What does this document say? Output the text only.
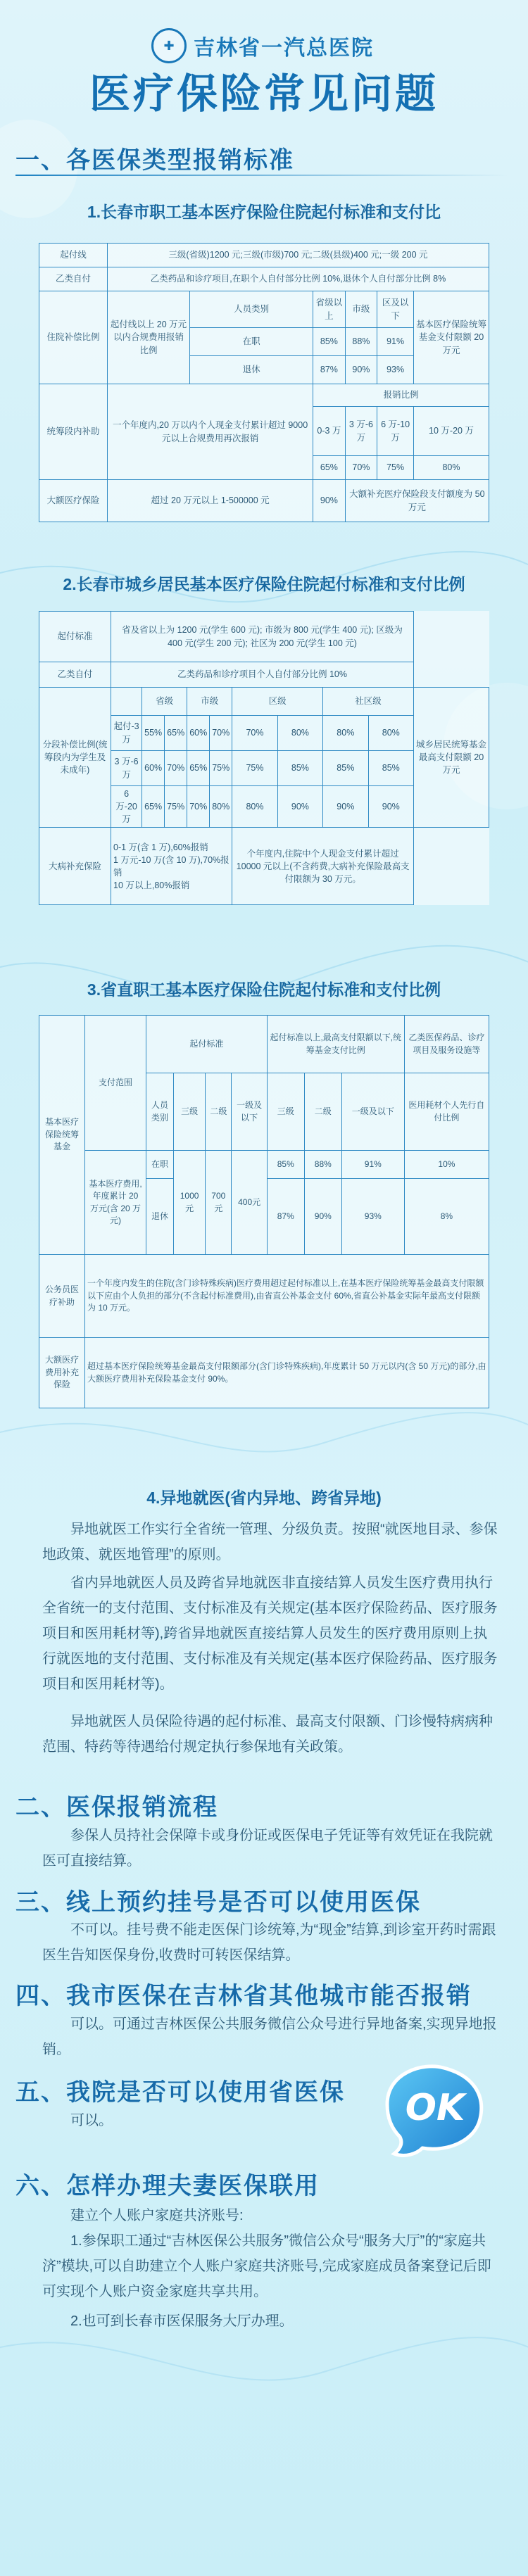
✚ 吉林省一汽总医院
医疗保险常见问题
一、各医保类型报销标准
1.长春市职工基本医疗保险住院起付标准和支付比
起付线	三级(省级)1200 元;三级(市级)700 元;二级(县级)400 元;一级 200 元					
乙类自付	乙类药品和诊疗项目,在职个人自付部分比例 10%,退休个人自付部分比例 8%					
住院补偿比例	起付线以上 20 万元以内合规费用报销比例	人员类别	省级以上	市级	区及以下	基本医疗保险统筹基金支付限额 20 万元
		在职	85%	88%	91%	
		退休	87%	90%	93%	
统筹段内补助	一个年度内,20 万以内个人现金支付累计超过 9000 元以上合规费用再次报销		报销比例			
			0-3 万	3 万-6 万	6 万-10 万	10 万-20 万
			65%	70%	75%	80%
大额医疗保险	超过 20 万元以上 1-500000 元		90%	大额补充医疗保险段支付额度为 50 万元		
2.长春市城乡居民基本医疗保险住院起付标准和支付比例
起付标准	省及省以上为 1200 元(学生 600 元); 市级为 800 元(学生 400 元); 区级为 400 元(学生 200 元); 社区为 200 元(学生 100 元)									
乙类自付	乙类药品和诊疗项目个人自付部分比例 10%									
分段补偿比例(统筹段内为学生及未成年)		省级		市级		区级		社区级		城乡居民统筹基金最高支付限额 20 万元
	起付-3 万	55%	65%	60%	70%	70%	80%	80%	80%	
	3 万-6 万	60%	70%	65%	75%	75%	85%	85%	85%	
	6万-20 万	65%	75%	70%	80%	80%	90%	90%	90%	
大病补充保险	0-1 万(含 1 万),60%报销
1 万元-10 万(含 10 万),70%报销
10 万以上,80%报销					个年度内,住院中个人现金支付累计超过 10000 元以上(不含药费,大病补充保险最高支付限额为 30 万元。				
3.省直职工基本医疗保险住院起付标准和支付比例
基本医疗保险统筹基金	支付范围	起付标准				起付标准以上,最高支付限额以下,统筹基金支付比例			乙类医保药品、诊疗项目及服务设施等
		人员类别	三级	二级	一级及以下	三级	二级	一级及以下	医用耗材个人先行自付比例
	基本医疗费用,年度累计 20 万元(含 20 万元)	在职	1000元	700元	400元	85%	88%	91%	10%
		退休				87%	90%	93%	8%

公务员医疗补助	一个年度内发生的住院(含门诊特殊疾病)医疗费用超过起付标准以上,在基本医疗保险统筹基金最高支付限额以下应由个人负担的部分(不含起付标准费用),由省直公补基金支付 60%,省直公补基金实际年最高支付限额为 10 万元。								
大额医疗费用补充保险	超过基本医疗保险统筹基金最高支付限额部分(含门诊特殊疾病),年度累计 50 万元以内(含 50 万元)的部分,由大额医疗费用补充保险基金支付 90%。								
4.异地就医(省内异地、跨省异地)
异地就医工作实行全省统一管理、分级负责。按照“就医地目录、参保地政策、就医地管理”的原则。
省内异地就医人员及跨省异地就医非直接结算人员发生医疗费用执行全省统一的支付范围、支付标准及有关规定(基本医疗保险药品、医疗服务项目和医用耗材等),跨省异地就医直接结算人员发生的医疗费用原则上执行就医地的支付范围、支付标准及有关规定(基本医疗保险药品、医疗服务项目和医用耗材等)。
异地就医人员保险待遇的起付标准、最高支付限额、门诊慢特病病种范围、特药等待遇给付规定执行参保地有关政策。
二、医保报销流程
参保人员持社会保障卡或身份证或医保电子凭证等有效凭证在我院就医可直接结算。
三、线上预约挂号是否可以使用医保
不可以。挂号费不能走医保门诊统筹,为“现金”结算,到诊室开药时需跟医生告知医保身份,收费时可转医保结算。
四、我市医保在吉林省其他城市能否报销
可以。可通过吉林医保公共服务微信公众号进行异地备案,实现异地报销。
五、我院是否可以使用省医保
可以。	OK
六、怎样办理夫妻医保联用
建立个人账户家庭共济账号:
1.参保职工通过“吉林医保公共服务”微信公众号“服务大厅”的“家庭共济”模块,可以自助建立个人账户家庭共济账号,完成家庭成员备案登记后即可实现个人账户资金家庭共享共用。
2.也可到长春市医保服务大厅办理。
